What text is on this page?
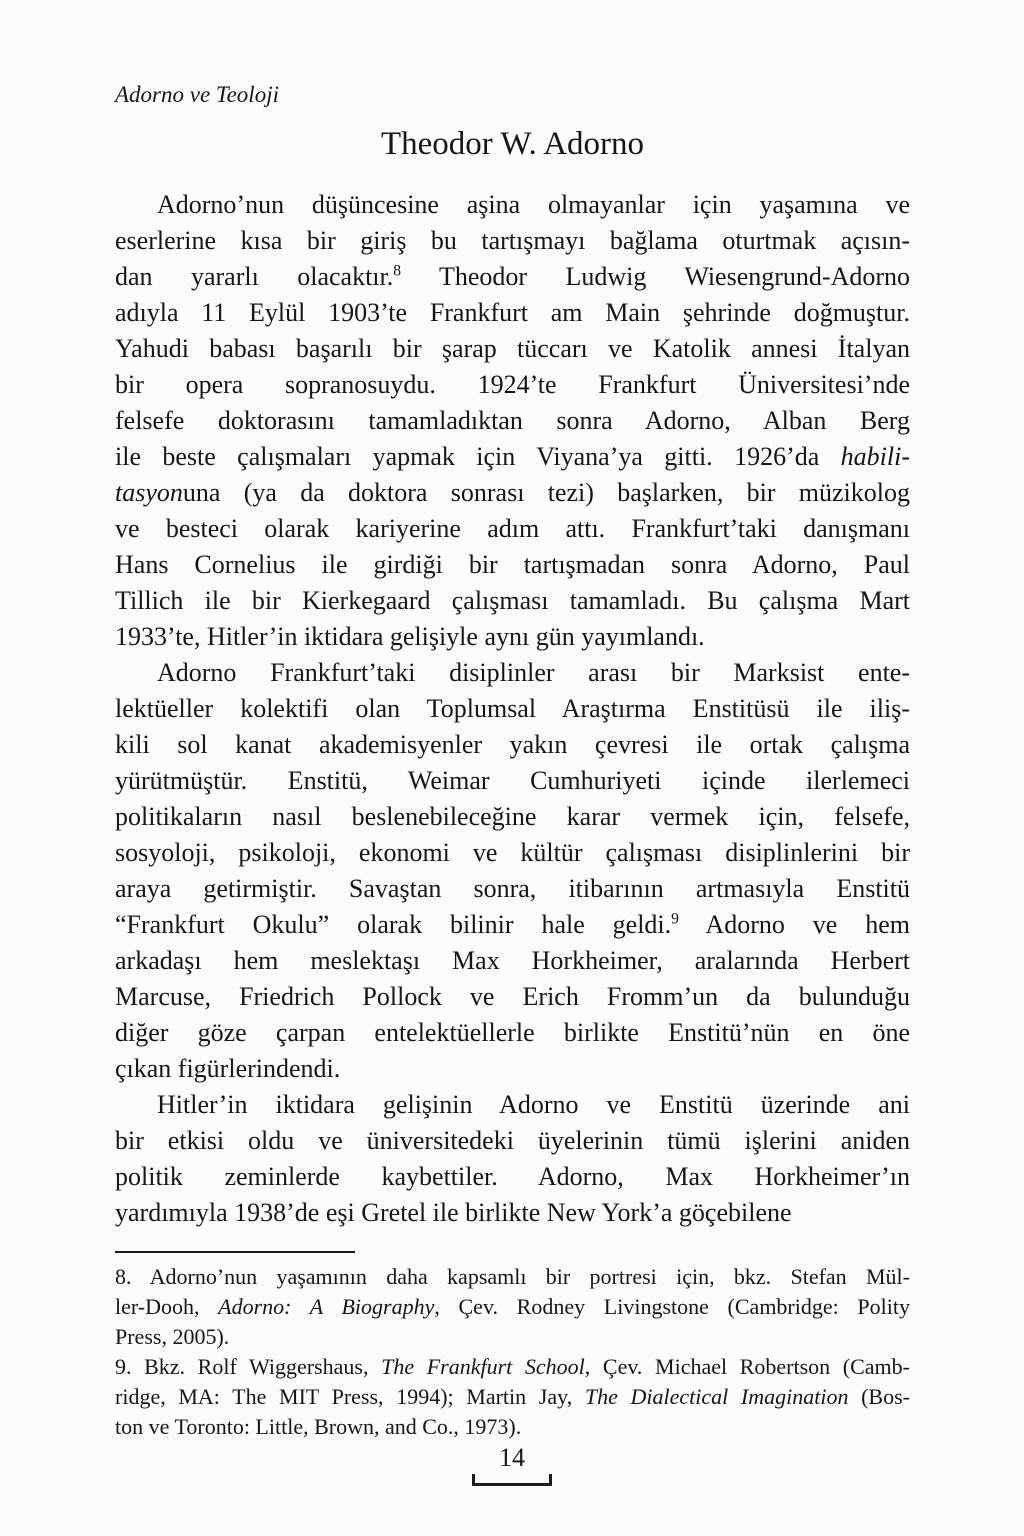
Adorno ve Teoloji
Theodor W. Adorno
Adorno’nun düşüncesine aşina olmayanlar için yaşamına ve
eserlerine kısa bir giriş bu tartışmayı bağlama oturtmak açısın-
dan yararlı olacaktır.$^8$ Theodor Ludwig Wiesengrund-Adorno
adıyla 11 Eylül 1903’te Frankfurt am Main şehrinde doğmuştur.
Yahudi babası başarılı bir şarap tüccarı ve Katolik annesi İtalyan
bir opera sopranosuydu. 1924’te Frankfurt Üniversitesi’nde
felsefe doktorasını tamamladıktan sonra Adorno, Alban Berg
ile beste çalışmaları yapmak için Viyana’ya gitti. 1926’da habili-
tasyonuna (ya da doktora sonrası tezi) başlarken, bir müzikolog
ve besteci olarak kariyerine adım attı. Frankfurt’taki danışmanı
Hans Cornelius ile girdiği bir tartışmadan sonra Adorno, Paul
Tillich ile bir Kierkegaard çalışması tamamladı. Bu çalışma Mart
1933’te, Hitler’in iktidara gelişiyle aynı gün yayımlandı.
Adorno Frankfurt’taki disiplinler arası bir Marksist ente-
lektüeller kolektifi olan Toplumsal Araştırma Enstitüsü ile iliş-
kili sol kanat akademisyenler yakın çevresi ile ortak çalışma
yürütmüştür. Enstitü, Weimar Cumhuriyeti içinde ilerlemeci
politikaların nasıl beslenebileceğine karar vermek için, felsefe,
sosyoloji, psikoloji, ekonomi ve kültür çalışması disiplinlerini bir
araya getirmiştir. Savaştan sonra, itibarının artmasıyla Enstitü
“Frankfurt Okulu” olarak bilinir hale geldi.$^9$ Adorno ve hem
arkadaşı hem meslektaşı Max Horkheimer, aralarında Herbert
Marcuse, Friedrich Pollock ve Erich Fromm’un da bulunduğu
diğer göze çarpan entelektüellerle birlikte Enstitü’nün en öne
çıkan figürlerindendi.
Hitler’in iktidara gelişinin Adorno ve Enstitü üzerinde ani
bir etkisi oldu ve üniversitedeki üyelerinin tümü işlerini aniden
politik zeminlerde kaybettiler. Adorno, Max Horkheimer’ın
yardımıyla 1938’de eşi Gretel ile birlikte New York’a göçebilene
8. Adorno’nun yaşamının daha kapsamlı bir portresi için, bkz. Stefan Mül-
ler-Dooh, Adorno: A Biography, Çev. Rodney Livingstone (Cambridge: Polity
Press, 2005).
9. Bkz. Rolf Wiggershaus, The Frankfurt School, Çev. Michael Robertson (Camb-
ridge, MA: The MIT Press, 1994); Martin Jay, The Dialectical Imagination (Bos-
ton ve Toronto: Little, Brown, and Co., 1973).
14
